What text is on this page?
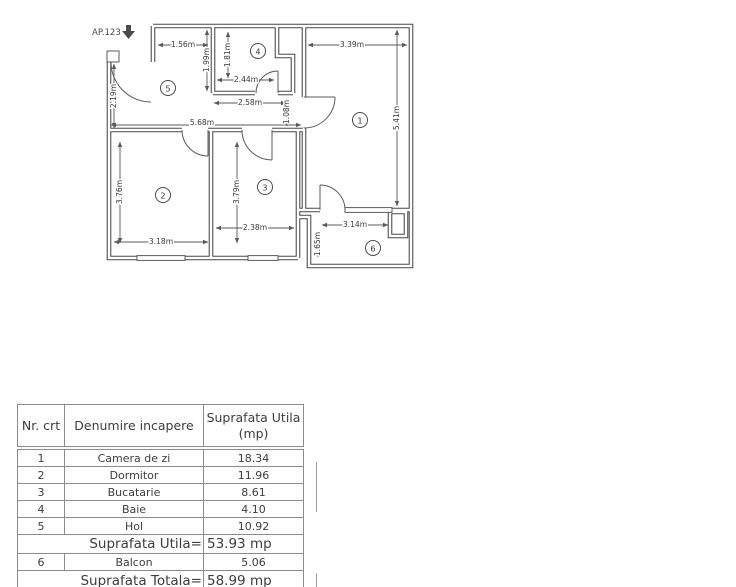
AP.123
1.56m
2.19m
1.99m 1.81m
2.44m
2.58m	1.08m
3.39m
5.41m
5.68m
3.76m
3.18m
3.79m
2.38m	3.14m
1.65m
1
2
3
4
5
6
Nr. crt	Denumire incapere
Suprafata Utila
(mp)
1	Camera de zi	18.34
2	Dormitor	11.96
3	Bucatarie	8.61
4	Baie	4.10
5	Hol	10.92
Suprafata Utila= 53.93 mp
6	Balcon	5.06
Suprafata Totala= 58.99 mp
